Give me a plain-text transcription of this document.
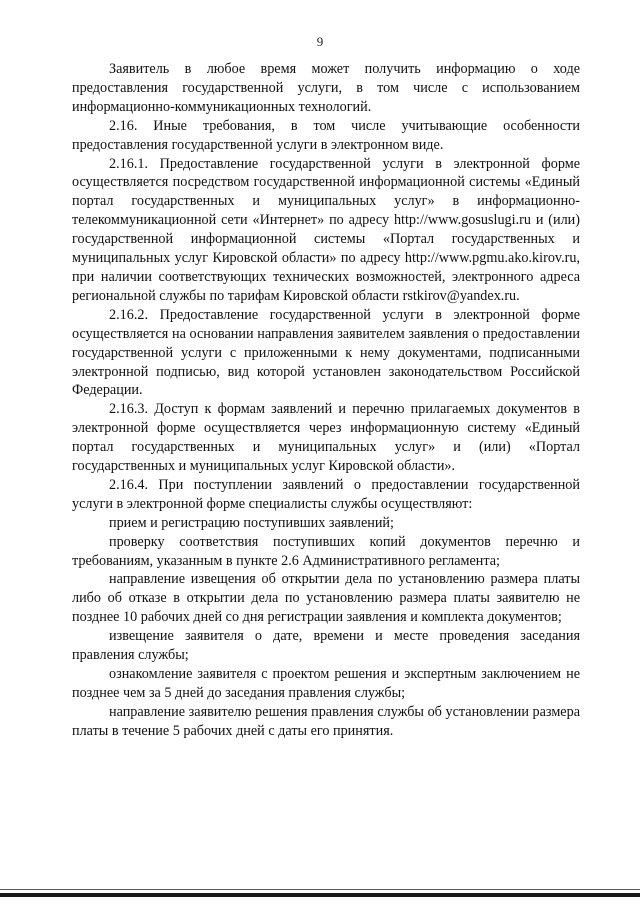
9

Заявитель в любое время может получить информацию о ходе предоставления государственной услуги, в том числе с использованием информационно-коммуникационных технологий.

2.16. Иные требования, в том числе учитывающие особенности предоставления государственной услуги в электронном виде.

2.16.1. Предоставление государственной услуги в электронной форме осуществляется посредством государственной информационной системы «Единый портал государственных и муниципальных услуг» в информационно-телекоммуникационной сети «Интернет» по адресу http://www.gosuslugi.ru и (или) государственной информационной системы «Портал государственных и муниципальных услуг Кировской области» по адресу http://www.pgmu.ako.kirov.ru, при наличии соответствующих технических возможностей, электронного адреса региональной службы по тарифам Кировской области rstkirov@yandex.ru.

2.16.2. Предоставление государственной услуги в электронной форме осуществляется на основании направления заявителем заявления о предоставлении государственной услуги с приложенными к нему документами, подписанными электронной подписью, вид которой установлен законодательством Российской Федерации.

2.16.3. Доступ к формам заявлений и перечню прилагаемых документов в электронной форме осуществляется через информационную систему «Единый портал государственных и муниципальных услуг» и (или) «Портал государственных и муниципальных услуг Кировской области».

2.16.4. При поступлении заявлений о предоставлении государственной услуги в электронной форме специалисты службы осуществляют:

прием и регистрацию поступивших заявлений;

проверку соответствия поступивших копий документов перечню и требованиям, указанным в пункте 2.6 Административного регламента;

направление извещения об открытии дела по установлению размера платы либо об отказе в открытии дела по установлению размера платы заявителю не позднее 10 рабочих дней со дня регистрации заявления и комплекта документов;

извещение заявителя о дате, времени и месте проведения заседания правления службы;

ознакомление заявителя с проектом решения и экспертным заключением не позднее чем за 5 дней до заседания правления службы;

направление заявителю решения правления службы об установлении размера платы в течение 5 рабочих дней с даты его принятия.
